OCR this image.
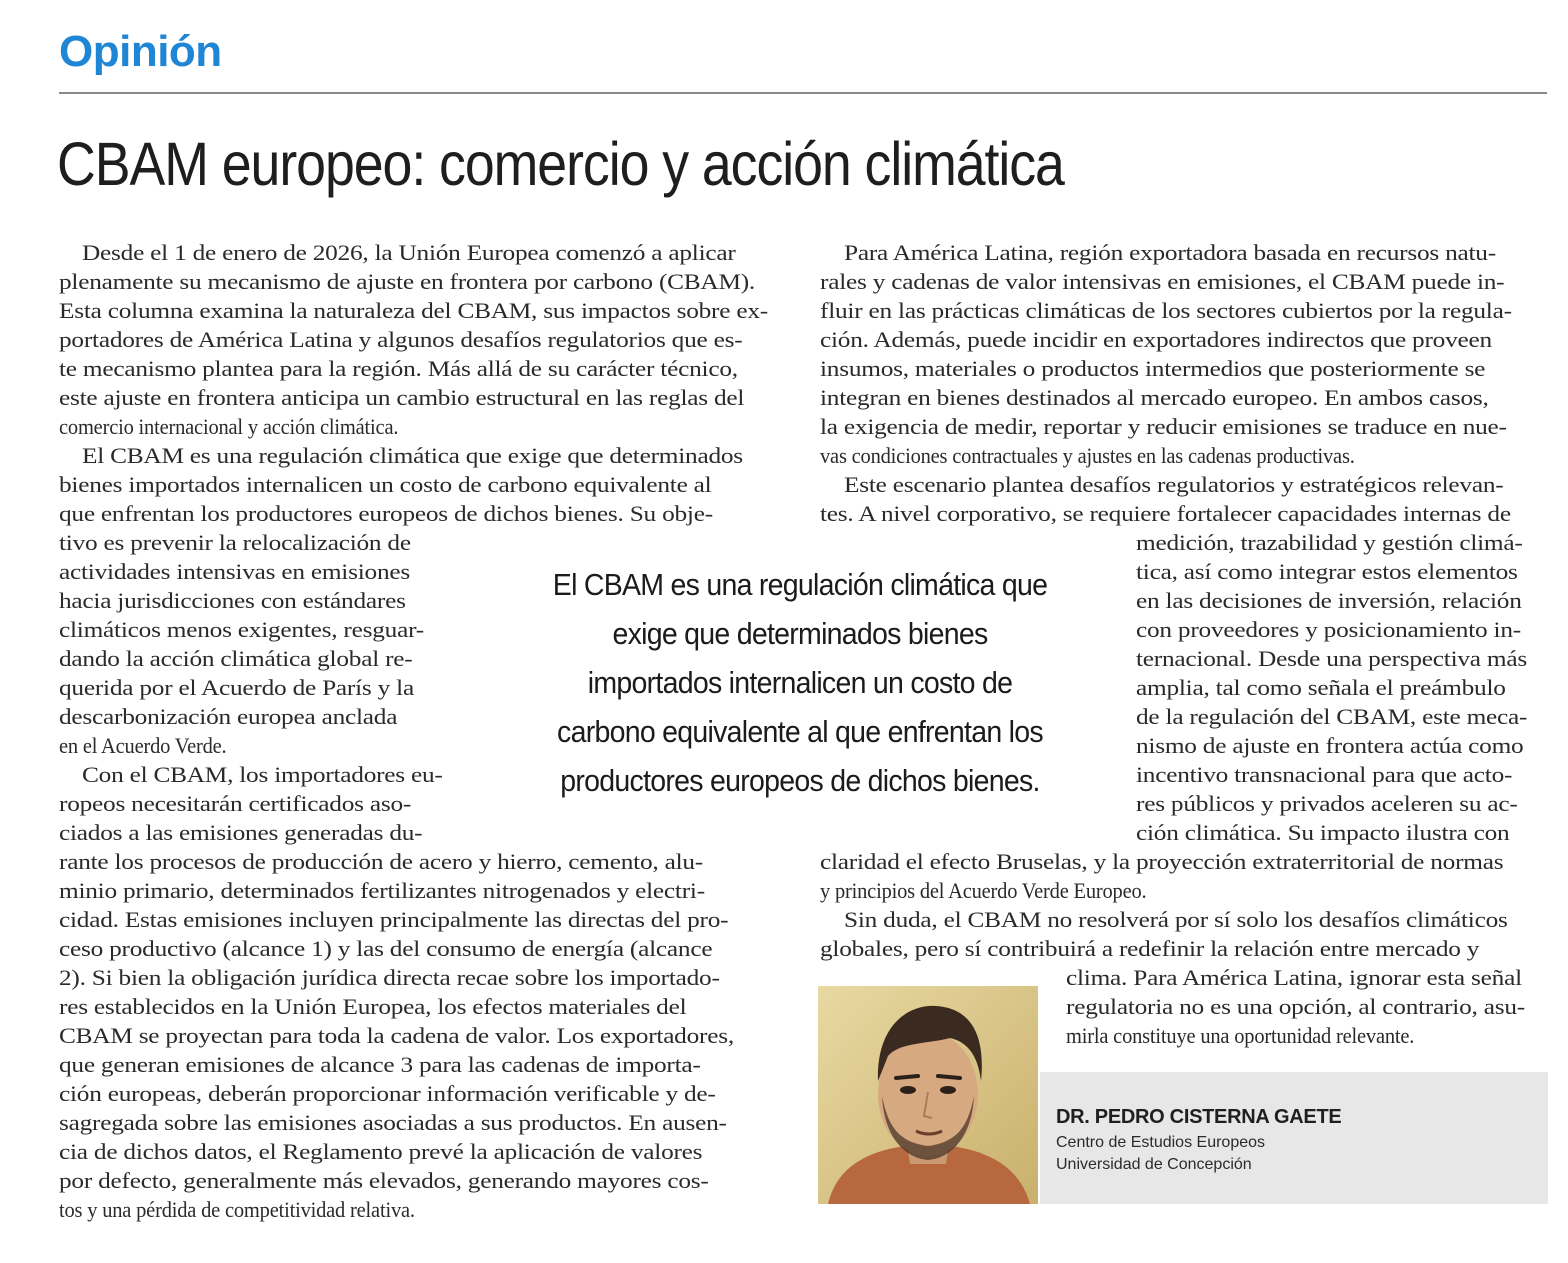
Opinión
CBAM europeo: comercio y acción climática
Desde el 1 de enero de 2026, la Unión Europea comenzó a aplicar
plenamente su mecanismo de ajuste en frontera por carbono (CBAM).
Esta columna examina la naturaleza del CBAM, sus impactos sobre ex-
portadores de América Latina y algunos desafíos regulatorios que es-
te mecanismo plantea para la región. Más allá de su carácter técnico,
este ajuste en frontera anticipa un cambio estructural en las reglas del
comercio internacional y acción climática.
El CBAM es una regulación climática que exige que determinados
bienes importados internalicen un costo de carbono equivalente al
que enfrentan los productores europeos de dichos bienes. Su obje-
tivo es prevenir la relocalización de
actividades intensivas en emisiones
hacia jurisdicciones con estándares
climáticos menos exigentes, resguar-
dando la acción climática global re-
querida por el Acuerdo de París y la
descarbonización europea anclada
en el Acuerdo Verde.
Con el CBAM, los importadores eu-
ropeos necesitarán certificados aso-
ciados a las emisiones generadas du-
rante los procesos de producción de acero y hierro, cemento, alu-
minio primario, determinados fertilizantes nitrogenados y electri-
cidad. Estas emisiones incluyen principalmente las directas del pro-
ceso productivo (alcance 1) y las del consumo de energía (alcance
2). Si bien la obligación jurídica directa recae sobre los importado-
res establecidos en la Unión Europea, los efectos materiales del
CBAM se proyectan para toda la cadena de valor. Los exportadores,
que generan emisiones de alcance 3 para las cadenas de importa-
ción europeas, deberán proporcionar información verificable y de-
sagregada sobre las emisiones asociadas a sus productos. En ausen-
cia de dichos datos, el Reglamento prevé la aplicación de valores
por defecto, generalmente más elevados, generando mayores cos-
tos y una pérdida de competitividad relativa.
Para América Latina, región exportadora basada en recursos natu-
rales y cadenas de valor intensivas en emisiones, el CBAM puede in-
fluir en las prácticas climáticas de los sectores cubiertos por la regula-
ción. Además, puede incidir en exportadores indirectos que proveen
insumos, materiales o productos intermedios que posteriormente se
integran en bienes destinados al mercado europeo. En ambos casos,
la exigencia de medir, reportar y reducir emisiones se traduce en nue-
vas condiciones contractuales y ajustes en las cadenas productivas.
Este escenario plantea desafíos regulatorios y estratégicos relevan-
tes. A nivel corporativo, se requiere fortalecer capacidades internas de
medición, trazabilidad y gestión climá-
tica, así como integrar estos elementos
en las decisiones de inversión, relación
con proveedores y posicionamiento in-
ternacional. Desde una perspectiva más
amplia, tal como señala el preámbulo
de la regulación del CBAM, este meca-
nismo de ajuste en frontera actúa como
incentivo transnacional para que acto-
res públicos y privados aceleren su ac-
ción climática. Su impacto ilustra con
claridad el efecto Bruselas, y la proyección extraterritorial de normas
y principios del Acuerdo Verde Europeo.
Sin duda, el CBAM no resolverá por sí solo los desafíos climáticos
globales, pero sí contribuirá a redefinir la relación entre mercado y
clima. Para América Latina, ignorar esta señal
regulatoria no es una opción, al contrario, asu-
mirla constituye una oportunidad relevante.
El CBAM es una regulación climática que
exige que determinados bienes
importados internalicen un costo de
carbono equivalente al que enfrentan los
productores europeos de dichos bienes.
DR. PEDRO CISTERNA GAETE
Centro de Estudios Europeos
Universidad de Concepción
